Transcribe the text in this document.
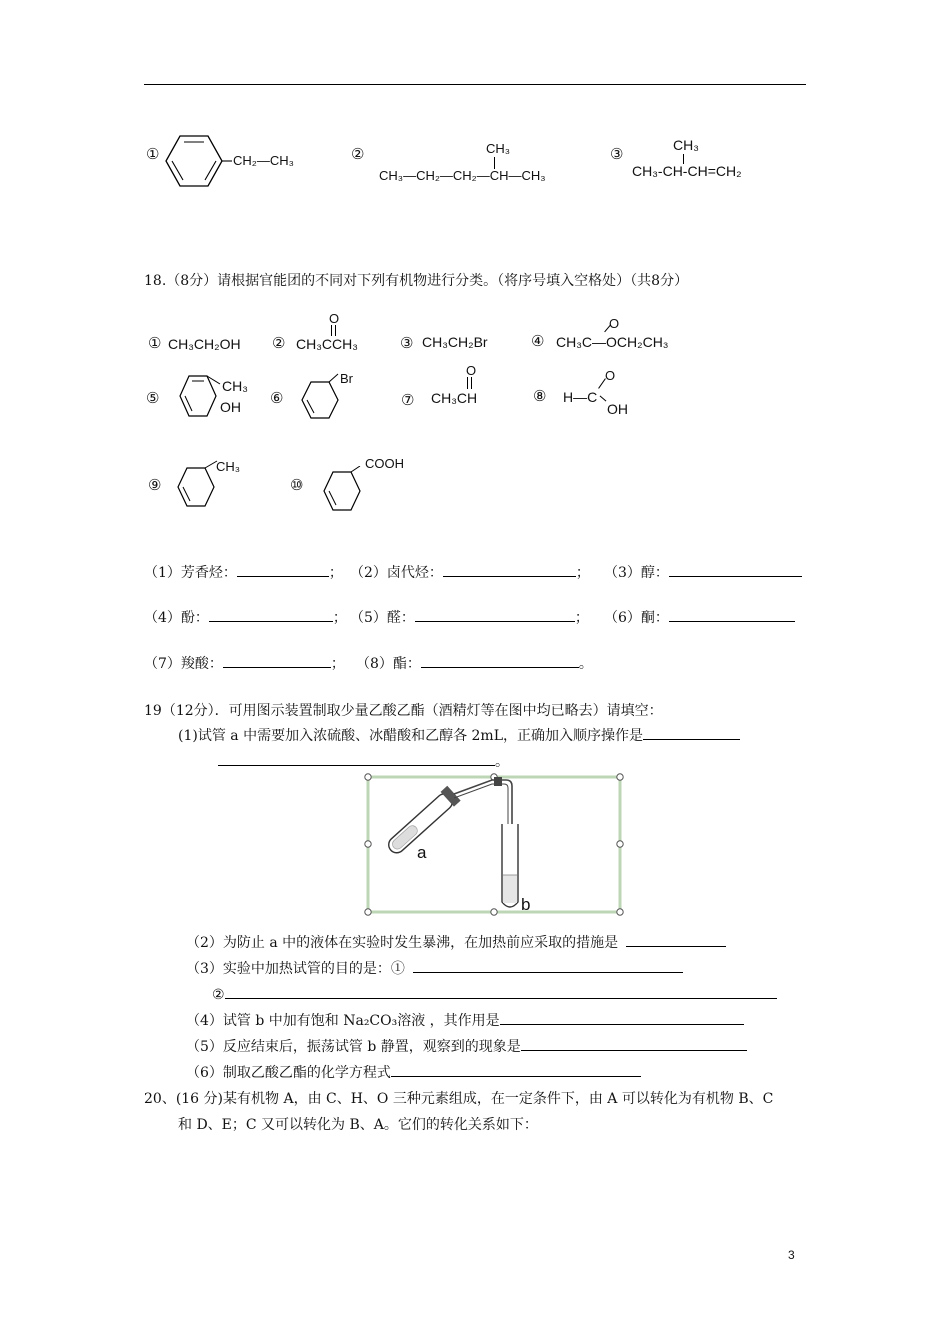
①	CH₂—CH₃	②	CH₃
CH₃—CH₂—CH₂—CH—CH₃
③	CH₃
CH₃-CH-CH=CH₂
18.（8分）请根据官能团的不同对下列有机物进行分类。（将序号填入空格处）（共8分）
① CH₃CH₂OH ②
O
CH₃CCH₃	③ CH₃CH₂Br	④
O
CH₃C—OCH₂CH₃
⑤
CH₃
OH ⑥
Br
⑦
O
CH₃CH	⑧
O
H—C
OH
⑨
CH₃
⑩
COOH
（1）芳香烃：	； （2）卤代烃：	； （3）醇：
（4）酚：	； （5）醛：	； （6）酮：
（7）羧酸：	； （8）酯：	。
19（12分）．可用图示装置制取少量乙酸乙酯（酒精灯等在图中均已略去）请填空：
(1)试管 a 中需要加入浓硫酸、冰醋酸和乙醇各 2mL，正确加入顺序操作是
。
a
b
（2）为防止 a 中的液体在实验时发生暴沸，在加热前应采取的措施是
（3）实验中加热试管的目的是：①
②
（4）试管 b 中加有饱和 Na₂CO₃溶液 ，其作用是
（5）反应结束后，振荡试管 b 静置，观察到的现象是
（6）制取乙酸乙酯的化学方程式
20、(16 分)某有机物 A，由 C、H、O 三种元素组成，在一定条件下，由 A 可以转化为有机物 B、C
和 D、E；C 又可以转化为 B、A。它们的转化关系如下：
3
